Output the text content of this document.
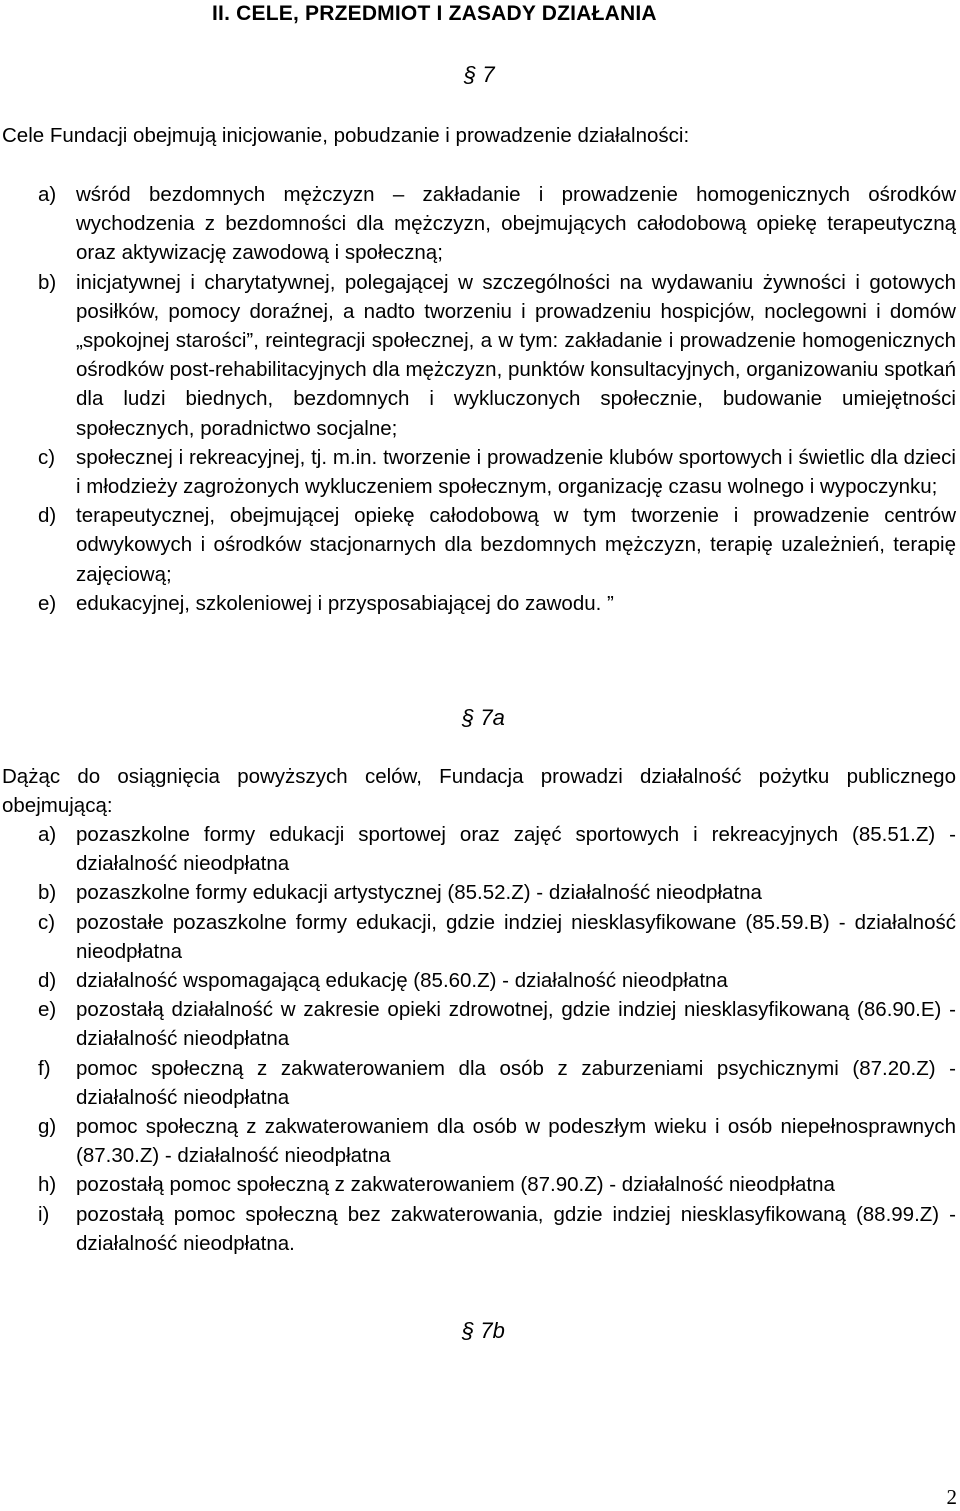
II. CELE, PRZEDMIOT I ZASADY DZIAŁANIA

§ 7

Cele Fundacji obejmują inicjowanie, pobudzanie i prowadzenie działalności:

a) wśród bezdomnych mężczyzn – zakładanie i prowadzenie homogenicznych ośrodków wychodzenia z bezdomności dla mężczyzn, obejmujących całodobową opiekę terapeutyczną oraz aktywizację zawodową i społeczną;
b) inicjatywnej i charytatywnej, polegającej w szczególności na wydawaniu żywności i gotowych posiłków, pomocy doraźnej, a nadto tworzeniu i prowadzeniu hospicjów, noclegowni i domów „spokojnej starości”, reintegracji społecznej, a w tym: zakładanie i prowadzenie homogenicznych ośrodków post-rehabilitacyjnych dla mężczyzn, punktów konsultacyjnych, organizowaniu spotkań dla ludzi biednych, bezdomnych i wykluczonych społecznie, budowanie umiejętności społecznych, poradnictwo socjalne;
c) społecznej i rekreacyjnej, tj. m.in. tworzenie i prowadzenie klubów sportowych i świetlic dla dzieci i młodzieży zagrożonych wykluczeniem społecznym, organizację czasu wolnego i wypoczynku;
d) terapeutycznej, obejmującej opiekę całodobową w tym tworzenie i prowadzenie centrów odwykowych i ośrodków stacjonarnych dla bezdomnych mężczyzn, terapię uzależnień, terapię zajęciową;
e) edukacyjnej, szkoleniowej i przysposabiającej do zawodu. ”

§ 7a

Dążąc do osiągnięcia powyższych celów, Fundacja prowadzi działalność pożytku publicznego obejmującą:

a) pozaszkolne formy edukacji sportowej oraz zajęć sportowych i rekreacyjnych (85.51.Z) - działalność nieodpłatna
b) pozaszkolne formy edukacji artystycznej (85.52.Z) - działalność nieodpłatna
c) pozostałe pozaszkolne formy edukacji, gdzie indziej niesklasyfikowane (85.59.B) - działalność nieodpłatna
d) działalność wspomagającą edukację (85.60.Z) - działalność nieodpłatna
e) pozostałą działalność w zakresie opieki zdrowotnej, gdzie indziej niesklasyfikowaną (86.90.E) - działalność nieodpłatna
f) pomoc społeczną z zakwaterowaniem dla osób z zaburzeniami psychicznymi (87.20.Z) - działalność nieodpłatna
g) pomoc społeczną z zakwaterowaniem dla osób w podeszłym wieku i osób niepełnosprawnych (87.30.Z) - działalność nieodpłatna
h) pozostałą pomoc społeczną z zakwaterowaniem (87.90.Z) - działalność nieodpłatna
i) pozostałą pomoc społeczną bez zakwaterowania, gdzie indziej niesklasyfikowaną (88.99.Z) - działalność nieodpłatna.

§ 7b

2
